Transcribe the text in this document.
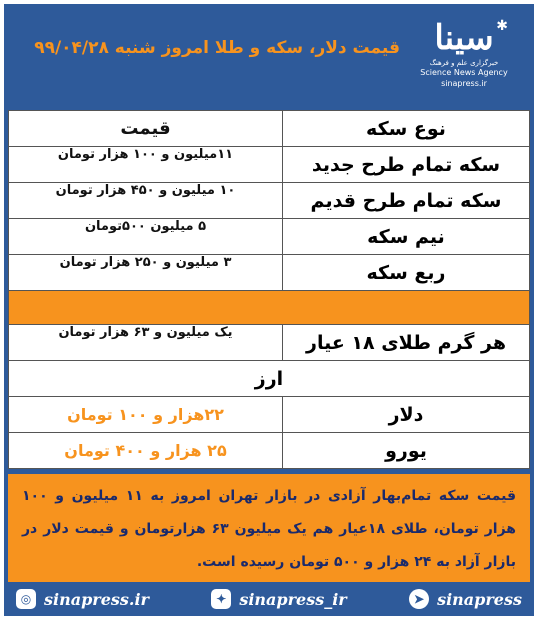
قیمت دلار، سکه و طلا امروز شنبه ۹۹/۰۴/۲۸
✱
سینا
خبرگزاری علم و فرهنگ
Science News Agency
sinapress.ir
نوع سکه	قیمت
سکه تمام طرح جدید	۱۱میلیون و ۱۰۰ هزار تومان
سکه تمام طرح قدیم	۱۰ میلیون و ۴۵۰ هزار تومان
نیم سکه	۵ میلیون ۵۰۰تومان
ربع سکه	۳ میلیون و ۲۵۰ هزار تومان

هر گرم طلای ۱۸ عیار	یک میلیون و ۶۳ هزار تومان
ارز	
دلار	۲۲هزار و ۱۰۰ تومان
یورو	۲۵ هزار و ۴۰۰ تومان
قیمت سکه تمام‌بهار آزادی در بازار تهران امروز به ۱۱ میلیون و ۱۰۰ هزار تومان، طلای ۱۸عیار هم یک میلیون ۶۳ هزارتومان و قیمت دلار در بازار آزاد به ۲۴ هزار و ۵۰۰ تومان رسیده است.
◎ sinapress.ir	✦ sinapress_ir	➤ sinapress
